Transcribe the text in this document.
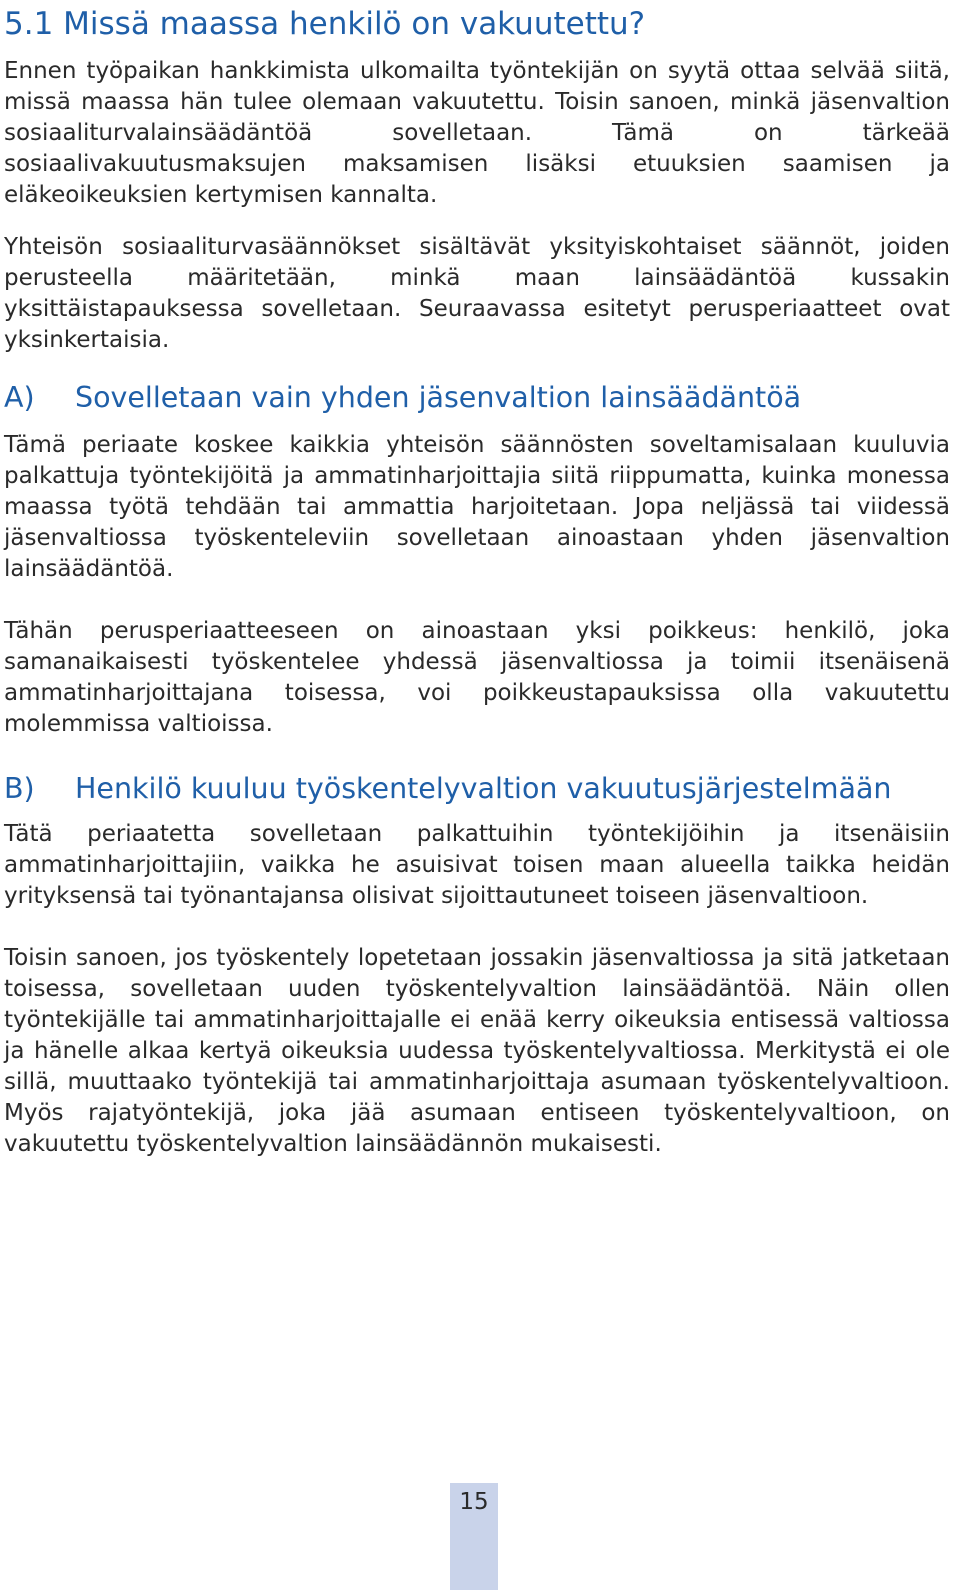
5.1 Missä maassa henkilö on vakuutettu?

Ennen työpaikan hankkimista ulkomailta työntekijän on syytä ottaa selvää siitä, missä maassa hän tulee olemaan vakuutettu. Toisin sanoen, minkä jäsenvaltion sosiaaliturvalainsäädäntöä sovelletaan. Tämä on tärkeää sosiaalivakuutusmaksujen maksamisen lisäksi etuuksien saamisen ja eläkeoikeuksien kertymisen kannalta.

Yhteisön sosiaaliturvasäännökset sisältävät yksityiskohtaiset säännöt, joiden perusteella määritetään, minkä maan lainsäädäntöä kussakin yksittäistapauksessa sovelletaan. Seuraavassa esitetyt perusperiaatteet ovat yksinkertaisia.

A)	Sovelletaan vain yhden jäsenvaltion lainsäädäntöä

Tämä periaate koskee kaikkia yhteisön säännösten soveltamisalaan kuuluvia palkattuja työntekijöitä ja ammatinharjoittajia siitä riippumatta, kuinka monessa maassa työtä tehdään tai ammattia harjoitetaan. Jopa neljässä tai viidessä jäsenvaltiossa työskenteleviin sovelletaan ainoastaan yhden jäsenvaltion lainsäädäntöä.

Tähän perusperiaatteeseen on ainoastaan yksi poikkeus: henkilö, joka samanaikaisesti työskentelee yhdessä jäsenvaltiossa ja toimii itsenäisenä ammatinharjoittajana toisessa, voi poikkeustapauksissa olla vakuutettu molemmissa valtioissa.

B)	Henkilö kuuluu työskentelyvaltion vakuutusjärjestelmään

Tätä periaatetta sovelletaan palkattuihin työntekijöihin ja itsenäisiin ammatinharjoittajiin, vaikka he asuisivat toisen maan alueella taikka heidän yrityksensä tai työnantajansa olisivat sijoittautuneet toiseen jäsenvaltioon.

Toisin sanoen, jos työskentely lopetetaan jossakin jäsenvaltiossa ja sitä jatketaan toisessa, sovelletaan uuden työskentelyvaltion lainsäädäntöä. Näin ollen työntekijälle tai ammatinharjoittajalle ei enää kerry oikeuksia entisessä valtiossa ja hänelle alkaa kertyä oikeuksia uudessa työskentelyvaltiossa. Merkitystä ei ole sillä, muuttaako työntekijä tai ammatinharjoittaja asumaan työskentelyvaltioon. Myös rajatyöntekijä, joka jää asumaan entiseen työskentelyvaltioon, on vakuutettu työskentelyvaltion lainsäädännön mukaisesti.

15
